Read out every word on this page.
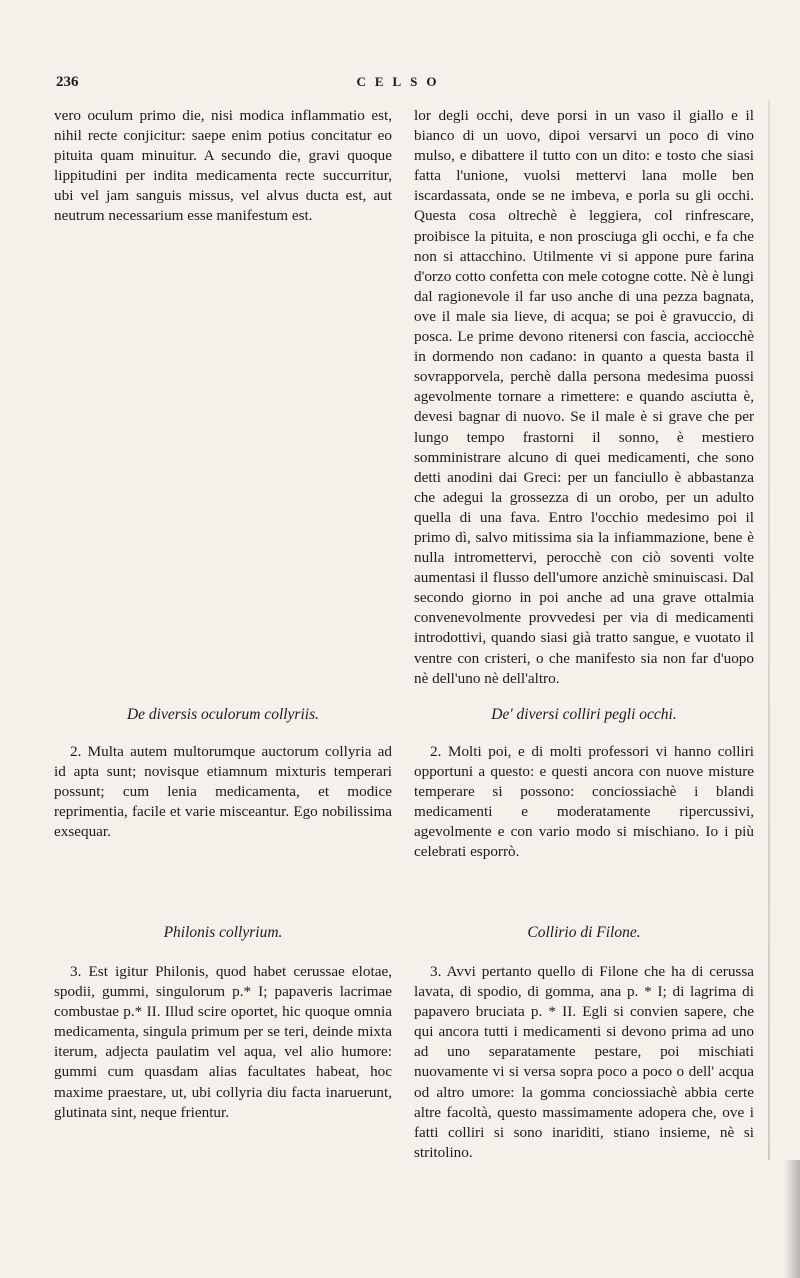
236	CELSO

vero oculum primo die, nisi modica inflammatio est, nihil recte conjicitur: saepe enim potius concitatur eo pituita quam minuitur. A secundo die, gravi quoque lippitudini per indita medicamenta recte succurritur, ubi vel jam sanguis missus, vel alvus ducta est, aut neutrum necessarium esse manifestum est.

lor degli occhi, deve porsi in un vaso il giallo e il bianco di un uovo, dipoi versarvi un poco di vino mulso, e dibattere il tutto con un dito: e tosto che siasi fatta l'unione, vuolsi mettervi lana molle ben iscardassata, onde se ne imbeva, e porla su gli occhi. Questa cosa oltrechè è leggiera, col rinfrescare, proibisce la pituita, e non prosciuga gli occhi, e fa che non si attacchino. Utilmente vi si appone pure farina d'orzo cotto confetta con mele cotogne cotte. Nè è lungi dal ragionevole il far uso anche di una pezza bagnata, ove il male sia lieve, di acqua; se poi è gravuccio, di posca. Le prime devono ritenersi con fascia, acciocchè in dormendo non cadano: in quanto a questa basta il sovrapporvela, perchè dalla persona medesima puossi agevolmente tornare a rimettere: e quando asciutta è, devesi bagnar di nuovo. Se il male è si grave che per lungo tempo frastorni il sonno, è mestiero somministrare alcuno di quei medicamenti, che sono detti anodini dai Greci: per un fanciullo è abbastanza che adegui la grossezza di un orobo, per un adulto quella di una fava. Entro l'occhio medesimo poi il primo dì, salvo mitissima sia la infiammazione, bene è nulla intromettervi, perocchè con ciò soventi volte aumentasi il flusso dell'umore anzichè sminuiscasi. Dal secondo giorno in poi anche ad una grave ottalmia convenevolmente provvedesi per via di medicamenti introdottivi, quando siasi già tratto sangue, e vuotato il ventre con cristeri, o che manifesto sia non far d'uopo nè dell'uno nè dell'altro.

De diversis oculorum collyriis.	De' diversi colliri pegli occhi.

2. Multa autem multorumque auctorum collyria ad id apta sunt; novisque etiamnum mixturis temperari possunt; cum lenia medicamenta, et modice reprimentia, facile et varie misceantur. Ego nobilissima exsequar.

2. Molti poi, e di molti professori vi hanno colliri opportuni a questo: e questi ancora con nuove misture temperare si possono: conciossiachè i blandi medicamenti e moderatamente ripercussivi, agevolmente e con vario modo si mischiano. Io i più celebrati esporrò.

Philonis collyrium.	Collirio di Filone.

3. Est igitur Philonis, quod habet cerussae elotae, spodii, gummi, singulorum p.* I; papaveris lacrimae combustae p.* II. Illud scire oportet, hic quoque omnia medicamenta, singula primum per se teri, deinde mixta iterum, adjecta paulatim vel aqua, vel alio humore: gummi cum quasdam alias facultates habeat, hoc maxime praestare, ut, ubi collyria diu facta inaruerunt, glutinata sint, neque frientur.

3. Avvi pertanto quello di Filone che ha di cerussa lavata, di spodio, di gomma, ana p. * I; di lagrima di papavero bruciata p. * II. Egli si convien sapere, che qui ancora tutti i medicamenti si devono prima ad uno ad uno separatamente pestare, poi mischiati nuovamente vi si versa sopra poco a poco o dell' acqua od altro umore: la gomma conciossiachè abbia certe altre facoltà, questo massimamente adopera che, ove i fatti colliri si sono inariditi, stiano insieme, nè si stritolino.
